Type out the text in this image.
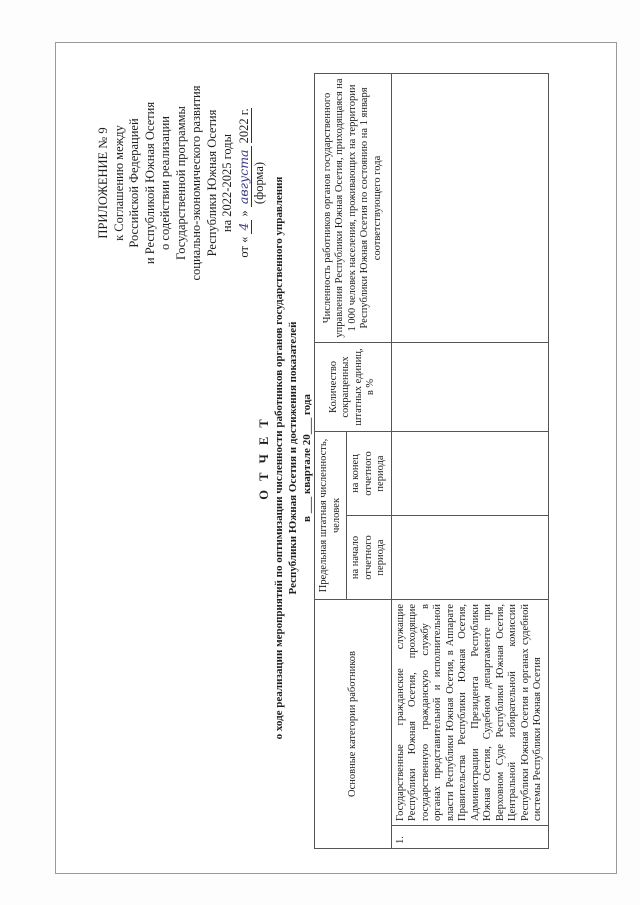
ПРИЛОЖЕНИЕ № 9 к Соглашению между Российской Федерацией и Республикой Южная Осетия о содействии реализации Государственной программы социально-экономического развития Республики Южная Осетия на 2022-2025 годы
от « 4 » августа 2022 г.
(форма)
О Т Ч Е Т о ходе реализации мероприятий по оптимизации численности работников органов государственного управления Республики Южная Осетия и достижения показателей в ___ квартале 20___ года
Основные категории работников		Предельная штатная численность, человек		Количество сокращенных штатных единиц, в %	Численность работников органов государственного управления Республики Южная Осетия, приходящаяся на 1 000 человек населения, проживающих на территории Республики Южная Осетия по состоянию на 1 января соответствующего года
		на начало отчетного периода	на конец отчетного периода		
1.	Государственные гражданские служащие Республики Южная Осетия, проходящие государственную гражданскую службу в органах представительной и исполнительной власти Республики Южная Осетия, в Аппарате Правительства Республики Южная Осетия, Администрации Президента Республики Южная Осетия, Судебном департаменте при Верховном Суде Республики Южная Осетия, Центральной избирательной комиссии Республики Южная Осетия и органах судебной системы Республики Южная Осетия				
